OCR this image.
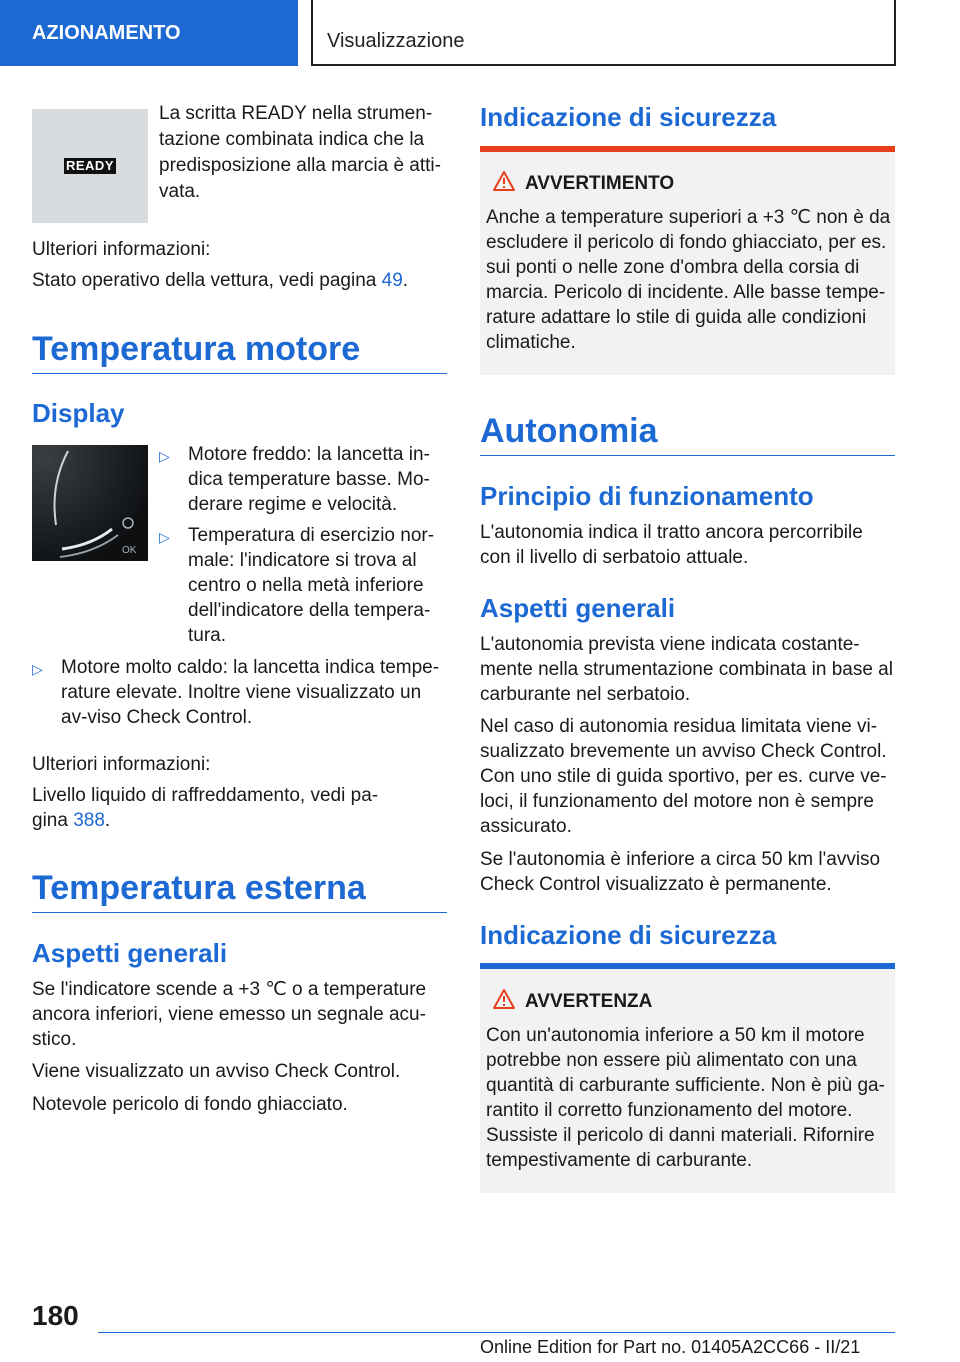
AZIONAMENTO	Visualizzazione
READY

La scritta READY nella strumen-tazione combinata indica che la predisposizione alla marcia è atti-vata.

Ulteriori informazioni:

Stato operativo della vettura, vedi pagina 49.

Temperatura motore
Display
OK
▷ Motore freddo: la lancetta in-dica temperature basse. Mo-derare regime e velocità.
▷ Temperatura di esercizio nor-male: l'indicatore si trova al centro o nella metà inferiore dell'indicatore della tempera-tura.
▷ Motore molto caldo: la lancetta indica tempe-rature elevate. Inoltre viene visualizzato un av-viso Check Control.

Ulteriori informazioni:

Livello liquido di raffreddamento, vedi pa-gina 388.

Temperatura esterna
Aspetti generali

Se l'indicatore scende a +3 ℃ o a temperature ancora inferiori, viene emesso un segnale acu-stico.

Viene visualizzato un avviso Check Control.

Notevole pericolo di fondo ghiacciato.

Indicazione di sicurezza
AVVERTIMENTO
Anche a temperature superiori a +3 ℃ non è da escludere il pericolo di fondo ghiacciato, per es. sui ponti o nelle zone d'ombra della corsia di marcia. Pericolo di incidente. Alle basse tempe-rature adattare lo stile di guida alle condizioni climatiche.
Autonomia
Principio di funzionamento

L'autonomia indica il tratto ancora percorribile con il livello di serbatoio attuale.

Aspetti generali

L'autonomia prevista viene indicata costante-mente nella strumentazione combinata in base al carburante nel serbatoio.

Nel caso di autonomia residua limitata viene vi-sualizzato brevemente un avviso Check Control. Con uno stile di guida sportivo, per es. curve ve-loci, il funzionamento del motore non è sempre assicurato.

Se l'autonomia è inferiore a circa 50 km l'avviso Check Control visualizzato è permanente.

Indicazione di sicurezza
AVVERTENZA
Con un'autonomia inferiore a 50 km il motore potrebbe non essere più alimentato con una quantità di carburante sufficiente. Non è più ga-rantito il corretto funzionamento del motore. Sussiste il pericolo di danni materiali. Rifornire tempestivamente di carburante.
180
Online Edition for Part no. 01405A2CC66 - II/21
